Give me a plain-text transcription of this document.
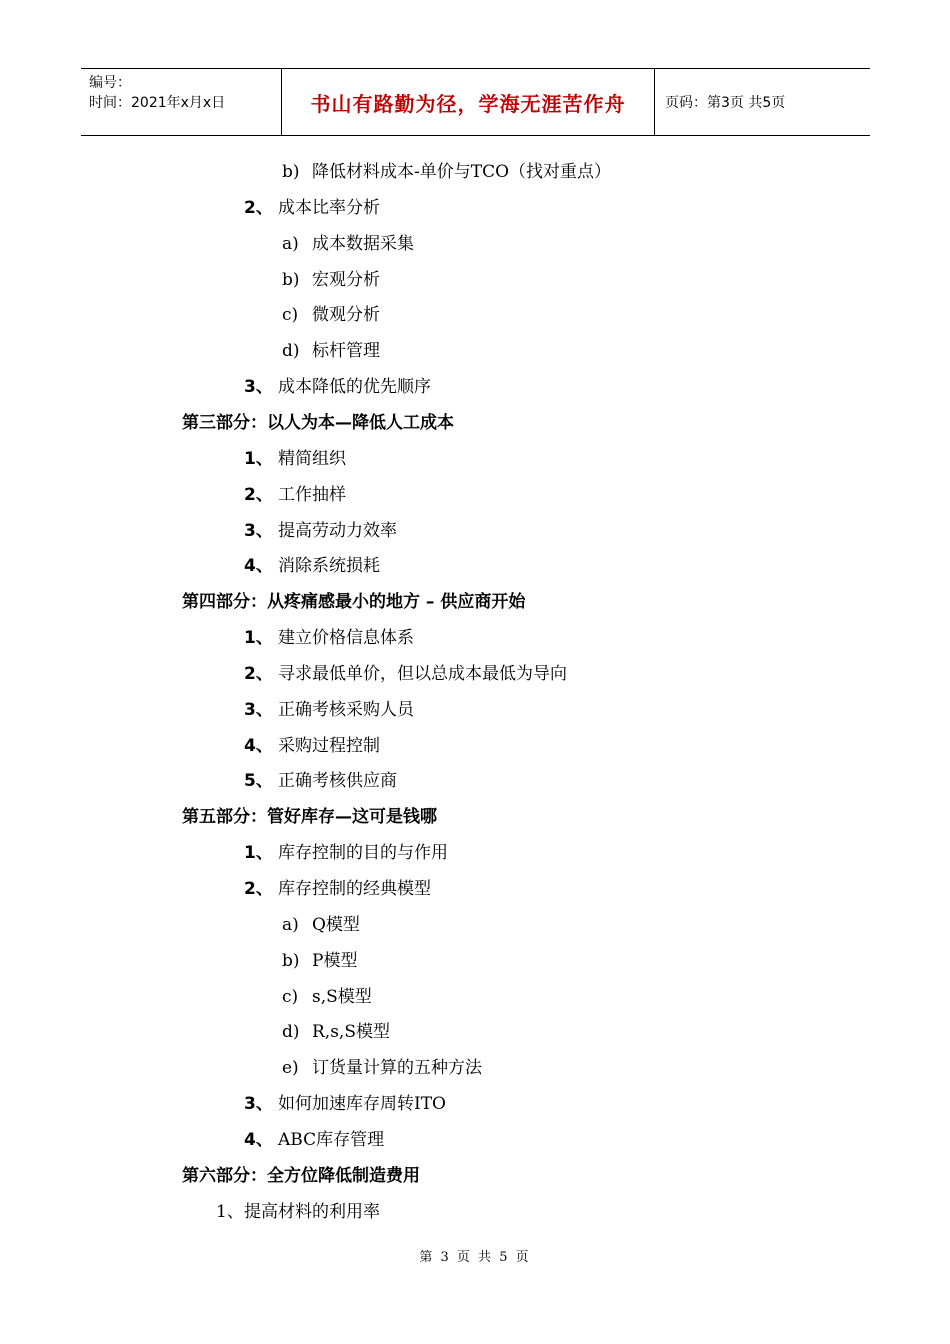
编号：
时间：2021年x月x日	书山有路勤为径，学海无涯苦作舟	页码：第3页 共5页
b) 降低材料成本-单价与TCO（找对重点）
2、 成本比率分析
a) 成本数据采集
b) 宏观分析
c) 微观分析
d) 标杆管理
3、 成本降低的优先顺序
第三部分：以人为本—降低人工成本
1、 精简组织
2、 工作抽样
3、 提高劳动力效率
4、 消除系统损耗
第四部分：从疼痛感最小的地方 – 供应商开始
1、 建立价格信息体系
2、 寻求最低单价，但以总成本最低为导向
3、 正确考核采购人员
4、 采购过程控制
5、 正确考核供应商
第五部分：管好库存—这可是钱哪
1、 库存控制的目的与作用
2、 库存控制的经典模型
a) Q模型
b) P模型
c) s,S模型
d) R,s,S模型
e) 订货量计算的五种方法
3、 如何加速库存周转ITO
4、 ABC库存管理
第六部分：全方位降低制造费用
1、 提高材料的利用率
第 3 页 共 5 页
